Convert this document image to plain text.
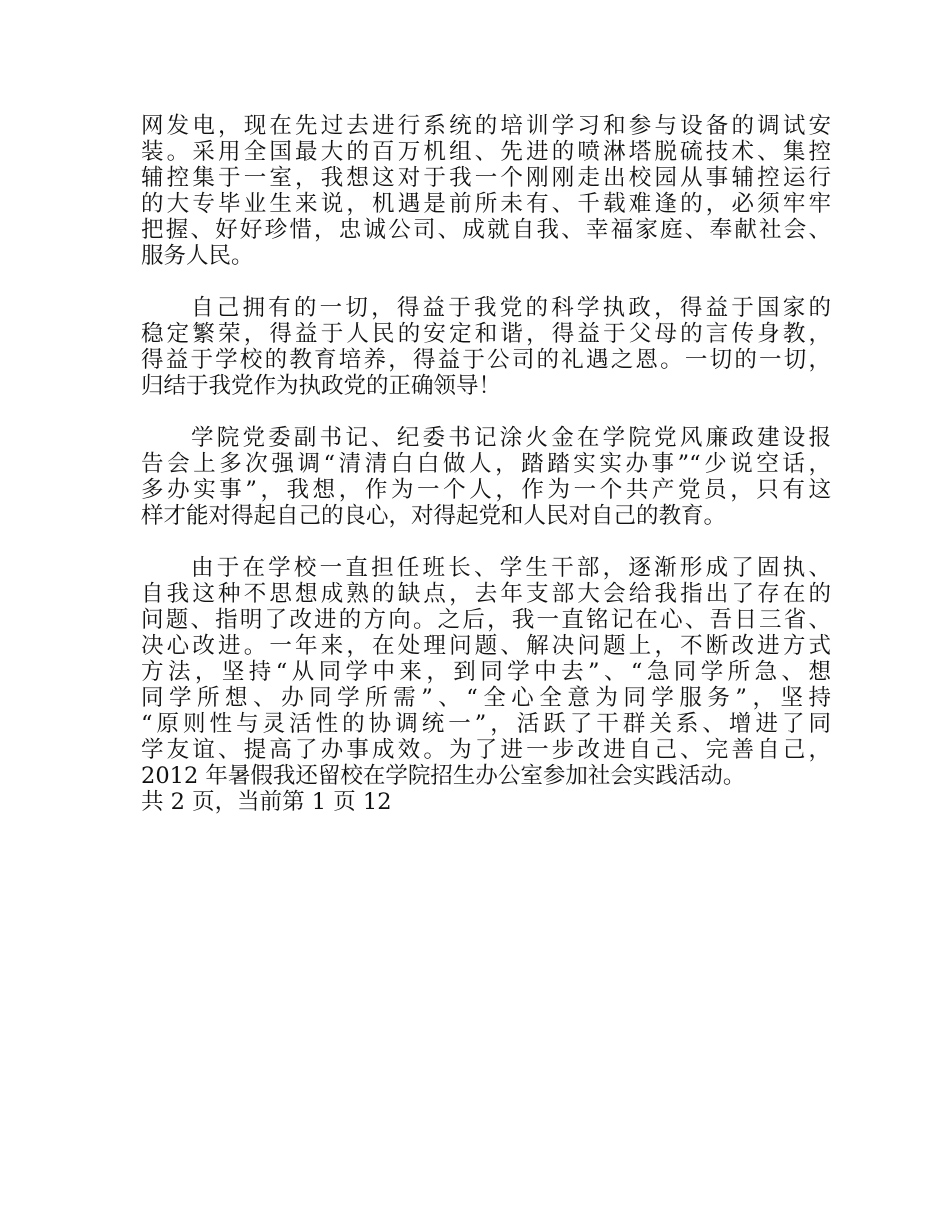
网发电，现在先过去进行系统的培训学习和参与设备的调试安
装。采用全国最大的百万机组、先进的喷淋塔脱硫技术、集控
辅控集于一室，我想这对于我一个刚刚走出校园从事辅控运行
的大专毕业生来说，机遇是前所未有、千载难逢的，必须牢牢
把握、好好珍惜，忠诚公司、成就自我、幸福家庭、奉献社会、
服务人民。
自己拥有的一切，得益于我党的科学执政，得益于国家的
稳定繁荣，得益于人民的安定和谐，得益于父母的言传身教，
得益于学校的教育培养，得益于公司的礼遇之恩。一切的一切，
归结于我党作为执政党的正确领导！
学院党委副书记、纪委书记涂火金在学院党风廉政建设报
告会上多次强调“清清白白做人，踏踏实实办事”“少说空话，
多办实事”，我想，作为一个人，作为一个共产党员，只有这
样才能对得起自己的良心，对得起党和人民对自己的教育。
由于在学校一直担任班长、学生干部，逐渐形成了固执、
自我这种不思想成熟的缺点，去年支部大会给我指出了存在的
问题、指明了改进的方向。之后，我一直铭记在心、吾日三省、
决心改进。一年来，在处理问题、解决问题上，不断改进方式
方法，坚持“从同学中来，到同学中去”、“急同学所急、想
同学所想、办同学所需”、“全心全意为同学服务”，坚持
“原则性与灵活性的协调统一”，活跃了干群关系、增进了同
学友谊、提高了办事成效。为了进一步改进自己、完善自己，
2012 年暑假我还留校在学院招生办公室参加社会实践活动。
共 2 页，当前第 1 页 12
